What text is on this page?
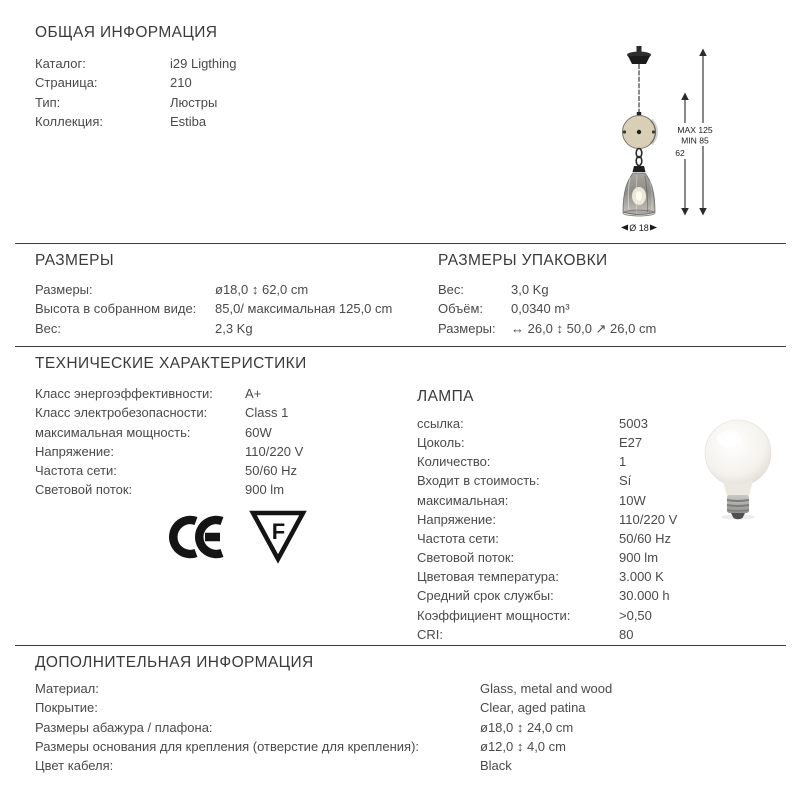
ОБЩАЯ ИНФОРМАЦИЯ
Каталог:	i29 Ligthing
Страница:	210
Тип:	Люстры
Коллекция:	Estiba
Ø 18
MAX 125
MIN 85
62
РАЗМЕРЫ
Размеры:	ø18,0 ↕ 62,0 cm
Высота в собранном виде:	85,0/ максимальная 125,0 cm
Вес:	2,3 Kg
РАЗМЕРЫ УПАКОВКИ
Вес:	3,0 Kg
Объём:	0,0340 m³
Размеры:	↔ 26,0 ↕ 50,0 ↗ 26,0 cm
ТЕХНИЧЕСКИЕ ХАРАКТЕРИСТИКИ
Класс энергоэффективности:	A+
Класс электробезопасности:	Class 1
максимальная мощность:	60W
Напряжение:	110/220 V
Частота сети:	50/60 Hz
Световой поток:	900 lm
F
ЛАМПА
ссылка:	5003
Цоколь:	E27
Количество:	1
Входит в стоимость:	Sí
максимальная:	10W
Напряжение:	110/220 V
Частота сети:	50/60 Hz
Световой поток:	900 lm
Цветовая температура:	3.000 K
Средний срок службы:	30.000 h
Коэффициент мощности:	>0,50
CRI:	80
ДОПОЛНИТЕЛЬНАЯ ИНФОРМАЦИЯ
Материал:	Glass, metal and wood
Покрытие:	Clear, aged patina
Размеры абажура / плафона:	ø18,0 ↕ 24,0 cm
Размеры основания для крепления (отверстие для крепления):	ø12,0 ↕ 4,0 cm
Цвет кабеля:	Black
